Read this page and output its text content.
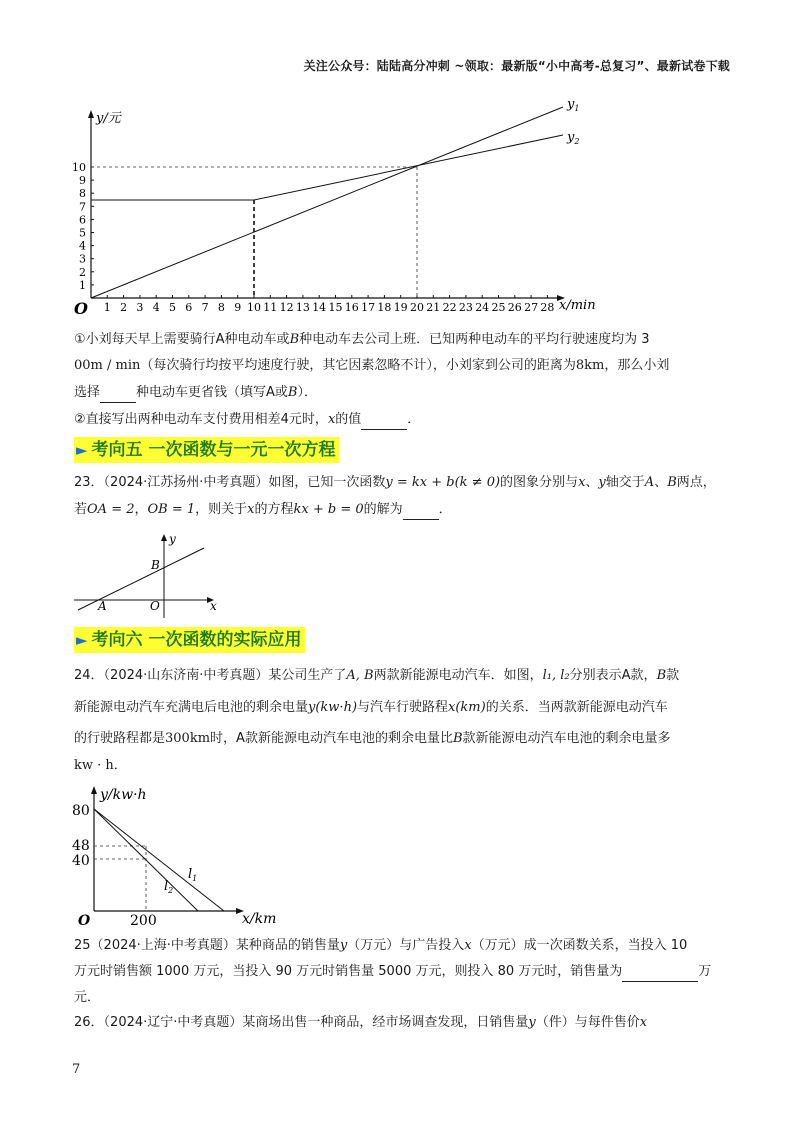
关注公众号：陆陆高分冲刺 ~领取：最新版“小中高考-总复习”、最新试卷下载
1
2
3
4
5
6
7
8
9
10
1 2 3 4 5 6 7 8 9 10 11 12 13 14 15 16 17 18 19 20 21 22 23 24 25 26 27 28
y/元
x/min
O
$y_1$
$y_2$
①小刘每天早上需要骑行A种电动车或B种电动车去公司上班．已知两种电动车的平均行驶速度均为 3
00m / min（每次骑行均按平均速度行驶，其它因素忽略不计），小刘家到公司的距离为8km，那么小刘
选择	种电动车更省钱（填写A或B）．
②直接写出两种电动车支付费用相差4元时，x的值	．
► 考向五 一次函数与一元一次方程
23．（2024·江苏扬州·中考真题）如图，已知一次函数y = kx + b(k ≠ 0)的图象分别与x、y轴交于A、B两点，
若OA = 2，OB = 1，则关于x的方程kx + b = 0的解为	．
y
x
B
A	O
► 考向六 一次函数的实际应用
24．（2024·山东济南·中考真题）某公司生产了A, B两款新能源电动汽车．如图，l₁, l₂分别表示A款，B款
新能源电动汽车充满电后电池的剩余电量y(kw·h)与汽车行驶路程x(km)的关系．当两款新能源电动汽车
的行驶路程都是300km时，A款新能源电动汽车电池的剩余电量比B款新能源电动汽车电池的剩余电量多
kw · h．
y/kw·h
x/km
O
80
48
40
200
$l_1$
$l_2$
25（2024·上海·中考真题）某种商品的销售量y（万元）与广告投入x（万元）成一次函数关系，当投入 10
万元时销售额 1000 万元，当投入 90 万元时销售量 5000 万元，则投入 80 万元时，销售量为	万
元．
26．（2024·辽宁·中考真题）某商场出售一种商品，经市场调查发现，日销售量y（件）与每件售价x
7
